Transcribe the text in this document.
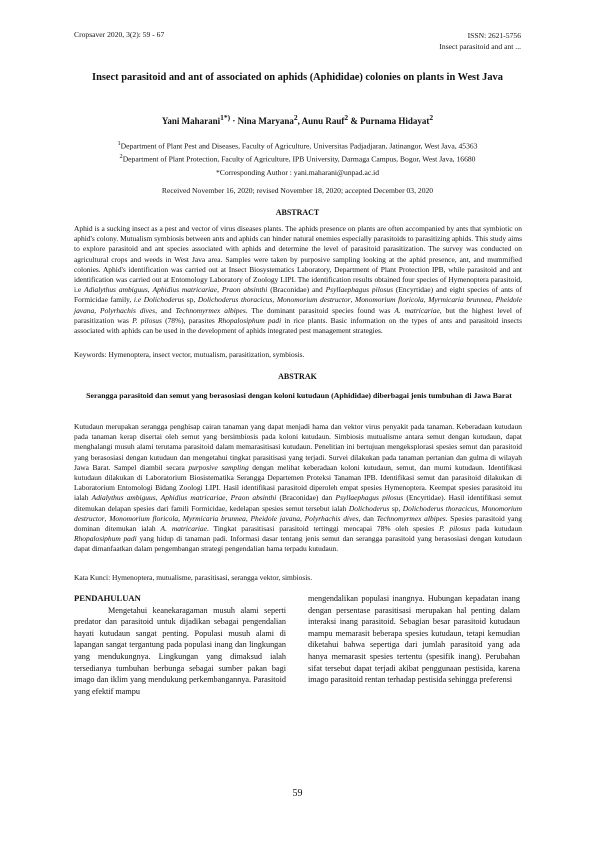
Cropsaver 2020, 3(2): 59 - 67	ISSN: 2621-5756
Insect parasitoid and ant ...
Insect parasitoid and ant of associated on aphids (Aphididae) colonies on plants in West Java
Yani Maharani$^{1*)}$ · Nina Maryana$^2$, Aunu Rauf$^2$ & Purnama Hidayat$^2$
$^1$Department of Plant Pest and Diseases, Faculty of Agriculture, Universitas Padjadjaran, Jatinangor, West Java, 45363
$^2$Department of Plant Protection, Faculty of Agriculture, IPB University, Darmaga Campus, Bogor, West Java, 16680
*Corresponding Author : yani.maharani@unpad.ac.id
Received November 16, 2020; revised November 18, 2020; accepted December 03, 2020
ABSTRACT
Aphid is a sucking insect as a pest and vector of virus diseases plants. The aphids presence on plants are often accompanied by ants that symbiotic on aphid's colony. Mutualism symbiosis between ants and aphids can hinder natural enemies especially parasitoids to parasitizing aphids. This study aims to explore parasitoid and ant species associated with aphids and determine the level of parasitoid parasitization. The survey was conducted on agricultural crops and weeds in West Java area. Samples were taken by purposive sampling looking at the aphid presence, ant, and mummified colonies. Aphid's identification was carried out at Insect Biosystematics Laboratory, Department of Plant Protection IPB, while parasitoid and ant identification was carried out at Entomology Laboratory of Zoology LIPI. The identification results obtained four species of Hymenoptera parasitoid, i.e Adialythus ambiguus, Aphidius matricariae, Praon absinthi (Braconidae) and Psyllaephagus pilosus (Encyrtidae) and eight species of ants of Formicidae family, i.e Dolichoderus sp, Dolichoderus thoracicus, Monomorium destructor, Monomorium floricola, Myrmicaria brunnea, Pheidole javana, Polyrhachis dives, and Technomyrmex albipes. The dominant parasitoid species found was A. matricariae, but the highest level of parasitization was P. pilosus (78%), parasites Rhopalosiphum padi in rice plants. Basic information on the types of ants and parasitoid insects associated with aphids can be used in the development of aphids integrated pest management strategies.
Keywords: Hymenoptera, insect vector, mutualism, parasitization, symbiosis.
ABSTRAK
Serangga parasitoid dan semut yang berasosiasi dengan koloni kutudaun (Aphididae) diberbagai jenis tumbuhan di Jawa Barat
Kutudaun merupakan serangga penghisap cairan tanaman yang dapat menjadi hama dan vektor virus penyakit pada tanaman. Keberadaan kutudaun pada tanaman kerap disertai oleh semut yang bersimbiosis pada koloni kutudaun. Simbiosis mutualisme antara semut dengan kutudaun, dapat menghalangi musuh alami terutama parasitoid dalam memarasitisasi kutudaun. Penelitian ini bertujuan mengeksplorasi spesies semut dan parasitoid yang berasosiasi dengan kutudaun dan mengetahui tingkat parasitisasi yang terjadi. Survei dilakukan pada tanaman pertanian dan gulma di wilayah Jawa Barat. Sampel diambil secara purposive sampling dengan melihat keberadaan koloni kutudaun, semut, dan mumi kutudaun. Identifikasi kutudaun dilakukan di Laboratorium Biosistematika Serangga Departemen Proteksi Tanaman IPB. Identifikasi semut dan parasitoid dilakukan di Laboratorium Entomologi Bidang Zoologi LIPI. Hasil identifikasi parasitoid diperoleh empat spesies Hymenoptera. Keempat spesies parasitoid itu ialah Adialythus ambiguus, Aphidius matricariae, Praon absinthi (Braconidae) dan Psyllaephagus pilosus (Encyrtidae). Hasil identifikasi semut ditemukan delapan spesies dari famili Formicidae, kedelapan spesies semut tersebut ialah Dolichoderus sp, Dolichoderus thoracicus, Monomorium destructor, Monomorium floricola, Myrmicaria brunnea, Pheidole javana, Polyrhachis dives, dan Technomyrmex albipes. Spesies parasitoid yang dominan ditemukan ialah A. matricariae. Tingkat parasitisasi parasitoid tertinggi mencapai 78% oleh spesies P. pilosus pada kutudaun Rhopalosiphum padi yang hidup di tanaman padi. Informasi dasar tentang jenis semut dan serangga parasitoid yang berasosiasi dengan kutudaun dapat dimanfaatkan dalam pengembangan strategi pengendalian hama terpadu kutudaun.
Kata Kunci: Hymenoptera, mutualisme, parasitisasi, serangga vektor, simbiosis.
PENDAHULUAN

Mengetahui keanekaragaman musuh alami seperti predator dan parasitoid untuk dijadikan sebagai pengendalian hayati kutudaun sangat penting. Populasi musuh alami di lapangan sangat tergantung pada populasi inang dan lingkungan yang mendukungnya. Lingkungan yang dimaksud ialah tersedianya tumbuhan berbunga sebagai sumber pakan bagi imago dan iklim yang mendukung perkembangannya. Parasitoid yang efektif mampu

mengendalikan populasi inangnya. Hubungan kepadatan inang dengan persentase parasitisasi merupakan hal penting dalam interaksi inang parasitoid. Sebagian besar parasitoid kutudaun mampu memarasit beberapa spesies kutudaun, tetapi kemudian diketahui bahwa sepertiga dari jumlah parasitoid yang ada hanya memarasit spesies tertentu (spesifik inang). Perubahan sifat tersebut dapat terjadi akibat penggunaan pestisida, karena imago parasitoid rentan terhadap pestisida sehingga preferensi

59
